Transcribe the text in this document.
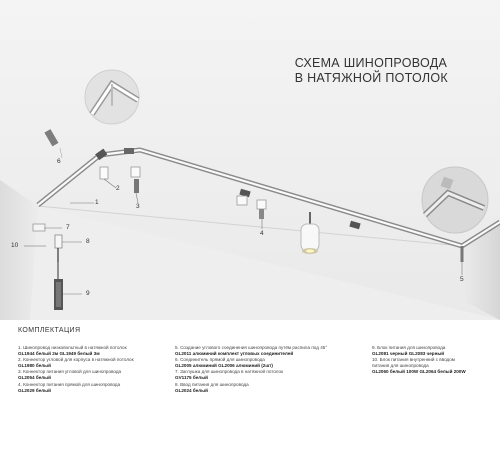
СХЕМА ШИНОПРОВОДА
В НАТЯЖНОЙ ПОТОЛОК
1
2
3
4
5
6
7
8
9
10
КОМПЛЕКТАЦИЯ
1. Шинопровод низковольтный в натяжной потолок
GL1944 белый 2м GL1949 белый 3м
2. Коннектор угловой для корпуса в натяжной потолок
GL1980 белый
3. Коннектор питания угловой для шинопровода
GL2054 белый
4. Коннектор питания прямой для шинопровода
GL2029 белый
5. Создание углового соединения шинопровода путём распила под 45°
GL2011 алюминий комплект угловых соединителей
6. Соединитель прямой для шинопровода
GL2005 алюминий GL2006 алюминий (2шт)
7. Заглушка для шинопровода в натяжной потолок
GV1175 белый
8. Ввод питания для шинопровода
GL2024 белый
9. Блок питания для шинопровода
GL2081 черный GL2083 черный
10. Блок питания внутренний с вводом
питания для шинопровода
GL2060 белый 100W GL2064 белый 200W
